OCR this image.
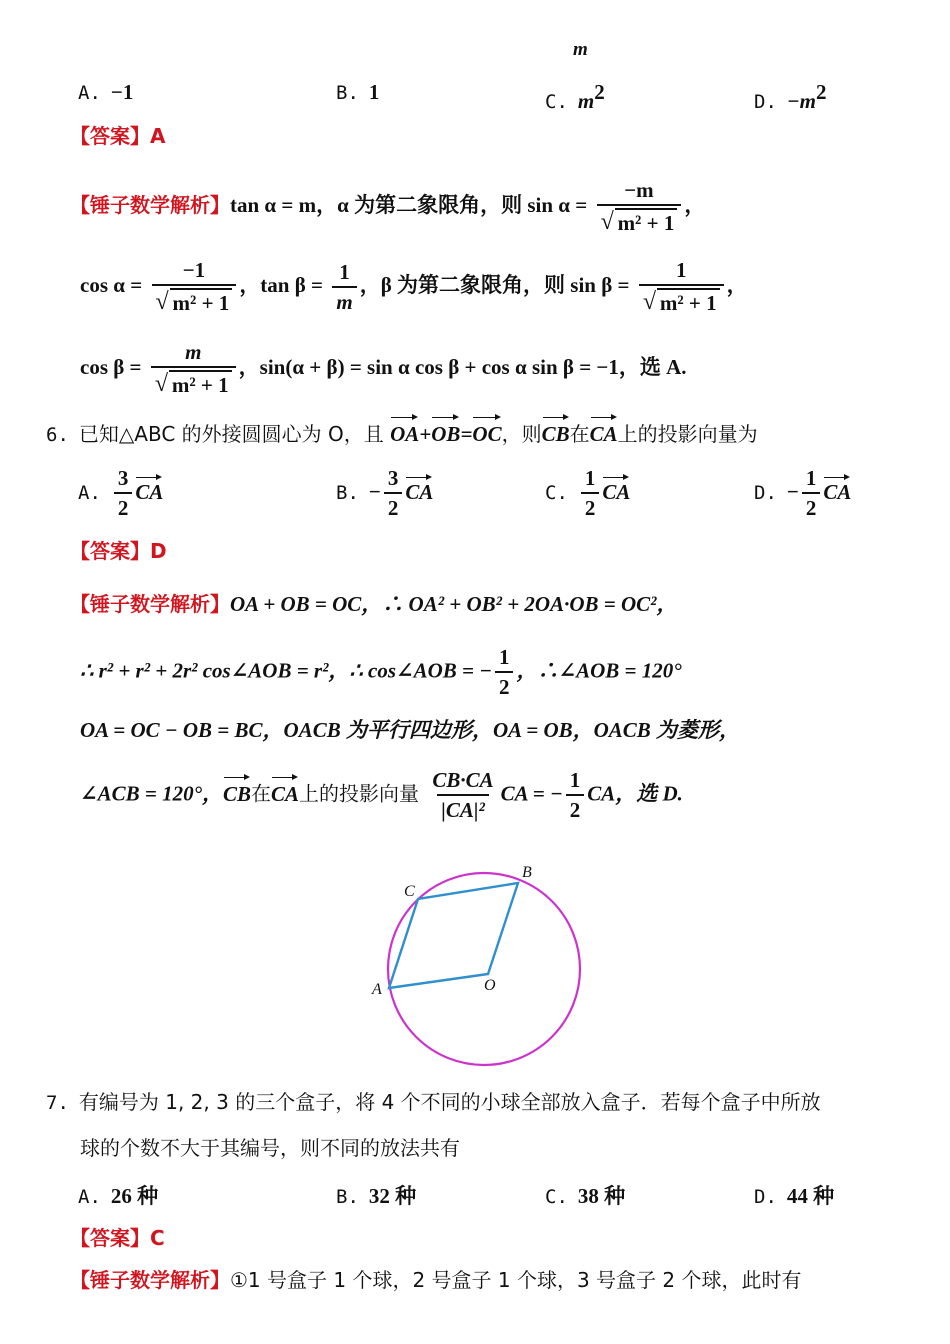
m
A. −1	B. 1	C. $m^2$	D. $-m^2$
【答案】A
【锤子数学解析】tan α = m，α 为第二象限角，则 $\sin \alpha = \frac{-m}{\text{√ m² + 1}}$ ，
$\cos \alpha = \frac{-1}{\text{√ m² + 1}}$ ，$\tan \beta = \frac{1}{m}$ ，β 为第二象限角，则 $\sin \beta = \frac{1}{\text{√ m² + 1}}$ ，
$\cos \beta = \frac{m}{\text{√ m² + 1}}$ ，sin(α + β) = sin α cos β + cos α sin β = −1，选 A.
6. 已知△ABC 的外接圆圆心为 O，且 OA+OB=OC，则CB在CA上的投影向量为
A. $\frac{3}{2}$ CA	B. − $\frac{3}{2}$ CA	C. $\frac{1}{2}$ CA	D. − $\frac{1}{2}$ CA
【答案】D
【锤子数学解析】OA + OB = OC，∴ OA² + OB² + 2OA·OB = OC²，
∴ r² + r² + 2r² cos∠AOB = r²，∴ cos∠AOB = − $\frac{1}{2}$ ，∴∠AOB = 120°
OA = OC − OB = BC，OACB 为平行四边形，OA = OB，OACB 为菱形，
∠ACB = 120°，CB在CA上的投影向量 $\frac{CB\cdot CA}{\text{|CA|²}}$ CA = − $\frac{1}{2}$ CA，选 D.
C
B
A	O
7. 有编号为 1, 2, 3 的三个盒子，将 4 个不同的小球全部放入盒子．若每个盒子中所放
球的个数不大于其编号，则不同的放法共有
A. 26 种	B. 32 种	C. 38 种	D. 44 种
【答案】C
【锤子数学解析】①1 号盒子 1 个球，2 号盒子 1 个球，3 号盒子 2 个球，此时有
